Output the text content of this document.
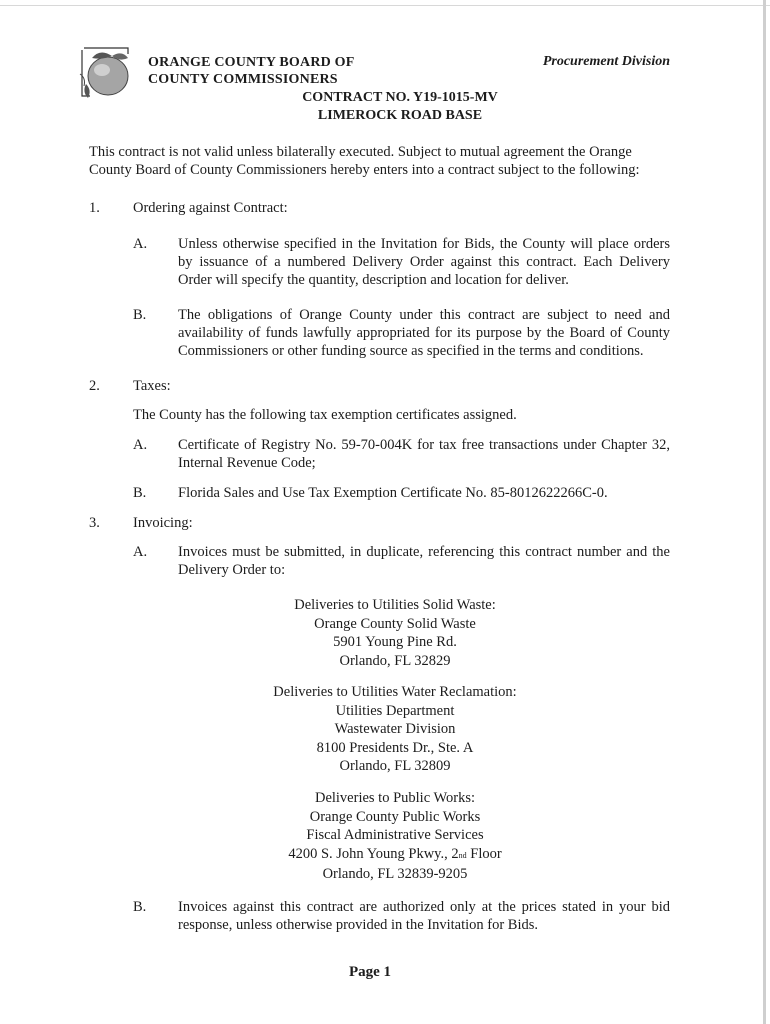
ORANGE COUNTY BOARD OF
COUNTY COMMISSIONERS
Procurement Division
CONTRACT NO. Y19-1015-MV
LIMEROCK ROAD BASE
This contract is not valid unless bilaterally executed. Subject to mutual agreement the Orange County Board of County Commissioners hereby enters into a contract subject to the following:
1. Ordering against Contract:
A. Unless otherwise specified in the Invitation for Bids, the County will place orders by issuance of a numbered Delivery Order against this contract. Each Delivery Order will specify the quantity, description and location for deliver.
B. The obligations of Orange County under this contract are subject to need and availability of funds lawfully appropriated for its purpose by the Board of County Commissioners or other funding source as specified in the terms and conditions.
2. Taxes:
The County has the following tax exemption certificates assigned.
A. Certificate of Registry No. 59-70-004K for tax free transactions under Chapter 32, Internal Revenue Code;
B. Florida Sales and Use Tax Exemption Certificate No. 85-8012622266C-0.
3. Invoicing:
A. Invoices must be submitted, in duplicate, referencing this contract number and the Delivery Order to:
Deliveries to Utilities Solid Waste:
Orange County Solid Waste
5901 Young Pine Rd.
Orlando, FL 32829
Deliveries to Utilities Water Reclamation:
Utilities Department
Wastewater Division
8100 Presidents Dr., Ste. A
Orlando, FL 32809
Deliveries to Public Works:
Orange County Public Works
Fiscal Administrative Services
4200 S. John Young Pkwy., 2nd Floor
Orlando, FL 32839-9205
B. Invoices against this contract are authorized only at the prices stated in your bid response, unless otherwise provided in the Invitation for Bids.
Page 1
